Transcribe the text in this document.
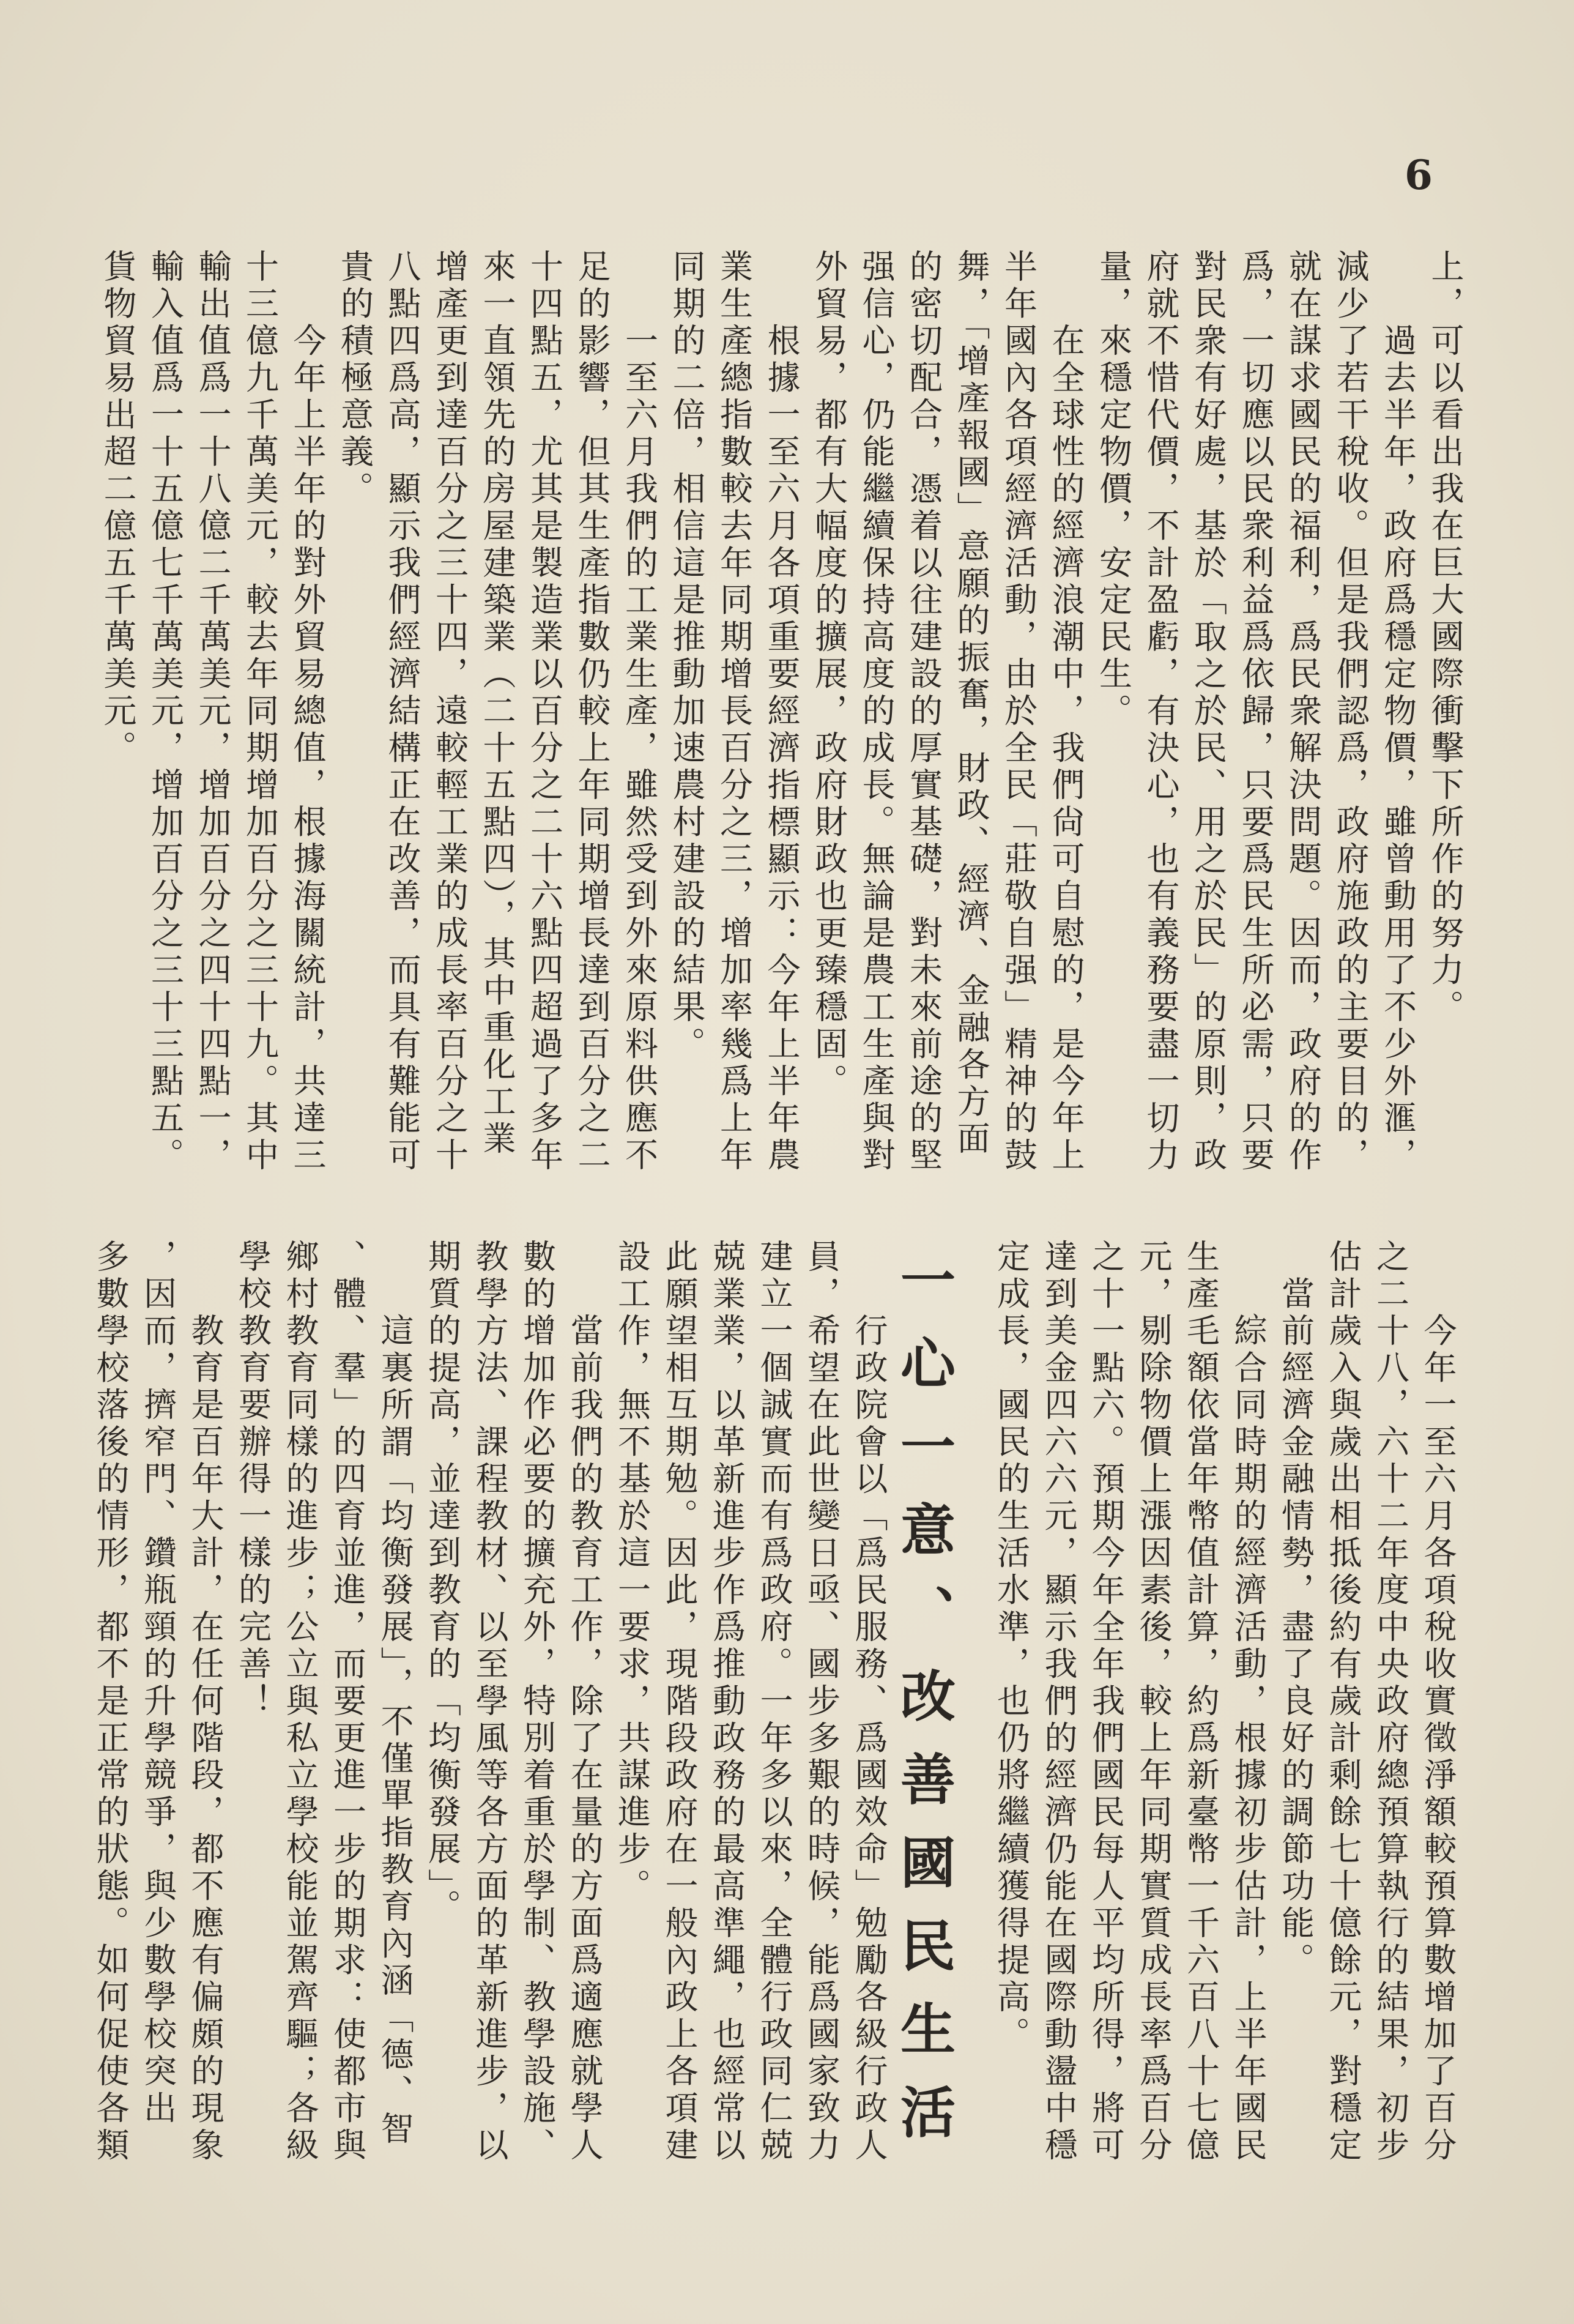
6
上，可以看出我在巨大國際衝擊下所作的努力。
　　過去半年，政府爲穩定物價，雖曾動用了不少外滙，
減少了若干稅收。但是我們認爲，政府施政的主要目的，
就在謀求國民的福利，爲民衆解決問題。因而，政府的作
爲，一切應以民衆利益爲依歸，只要爲民生所必需，只要
對民衆有好處，基於「取之於民、用之於民」的原則，政
府就不惜代價，不計盈虧，有決心，也有義務要盡一切力
量，來穩定物價，安定民生。
　　在全球性的經濟浪潮中，我們尙可自慰的，是今年上
半年國內各項經濟活動，由於全民「莊敬自强」精神的鼓
舞，「增產報國」意願的振奮，財政、經濟、金融各方面
的密切配合，憑着以往建設的厚實基礎，對未來前途的堅
强信心，仍能繼續保持高度的成長。無論是農工生產與對
外貿易，都有大幅度的擴展，政府財政也更臻穩固。
　　根據一至六月各項重要經濟指標顯示：今年上半年農
業生產總指數較去年同期增長百分之三，增加率幾爲上年
同期的二倍，相信這是推動加速農村建設的結果。
　　一至六月我們的工業生產，雖然受到外來原料供應不
足的影響，但其生產指數仍較上年同期增長達到百分之二
十四點五，尤其是製造業以百分之二十六點四超過了多年
來一直領先的房屋建築業（二十五點四），其中重化工業
增產更到達百分之三十四，遠較輕工業的成長率百分之十
八點四爲高，顯示我們經濟結構正在改善，而具有難能可
貴的積極意義。
　　今年上半年的對外貿易總值，根據海關統計，共達三
十三億九千萬美元，較去年同期增加百分之三十九。其中
輸出值爲一十八億二千萬美元，增加百分之四十四點一，
輸入值爲一十五億七千萬美元，增加百分之三十三點五。
貨物貿易出超二億五千萬美元。
一心一意、改善國民生活	　　今年一至六月各項稅收實徵淨額較預算數增加了百分
之二十八，六十二年度中央政府總預算執行的結果，初步
估計歲入與歲出相抵後約有歲計剩餘七十億餘元，對穩定
　當前經濟金融情勢，盡了良好的調節功能。
　　綜合同時期的經濟活動，根據初步估計，上半年國民
生產毛額依當年幣值計算，約爲新臺幣一千六百八十七億
元，剔除物價上漲因素後，較上年同期實質成長率爲百分
之十一點六。預期今年全年我們國民每人平均所得，將可
達到美金四六六元，顯示我們的經濟仍能在國際動盪中穩
定成長，國民的生活水準，也仍將繼續獲得提高。
　　行政院會以「爲民服務、爲國效命」勉勵各級行政人
員，希望在此世變日亟、國步多艱的時候，能爲國家致力
建立一個誠實而有爲政府。一年多以來，全體行政同仁兢
兢業業，以革新進步作爲推動政務的最高準繩，也經常以
此願望相互期勉。因此，現階段政府在一般內政上各項建
設工作，無不基於這一要求，共謀進步。
　　當前我們的教育工作，除了在量的方面爲適應就學人
數的增加作必要的擴充外，特別着重於學制、教學設施、
教學方法、課程教材、以至學風等各方面的革新進步，以
期質的提高，並達到教育的「均衡發展」。
　　這裏所謂「均衡發展」，不僅單指教育內涵「德、智
、體、羣」的四育並進，而要更進一步的期求：使都市與
鄉村教育同樣的進步；公立與私立學校能並駕齊驅；各級
學校教育要辦得一樣的完善！
　　教育是百年大計，在任何階段，都不應有偏頗的現象
，因而，擠窄門、鑽瓶頸的升學競爭，與少數學校突出
多數學校落後的情形，都不是正常的狀態。如何促使各類
